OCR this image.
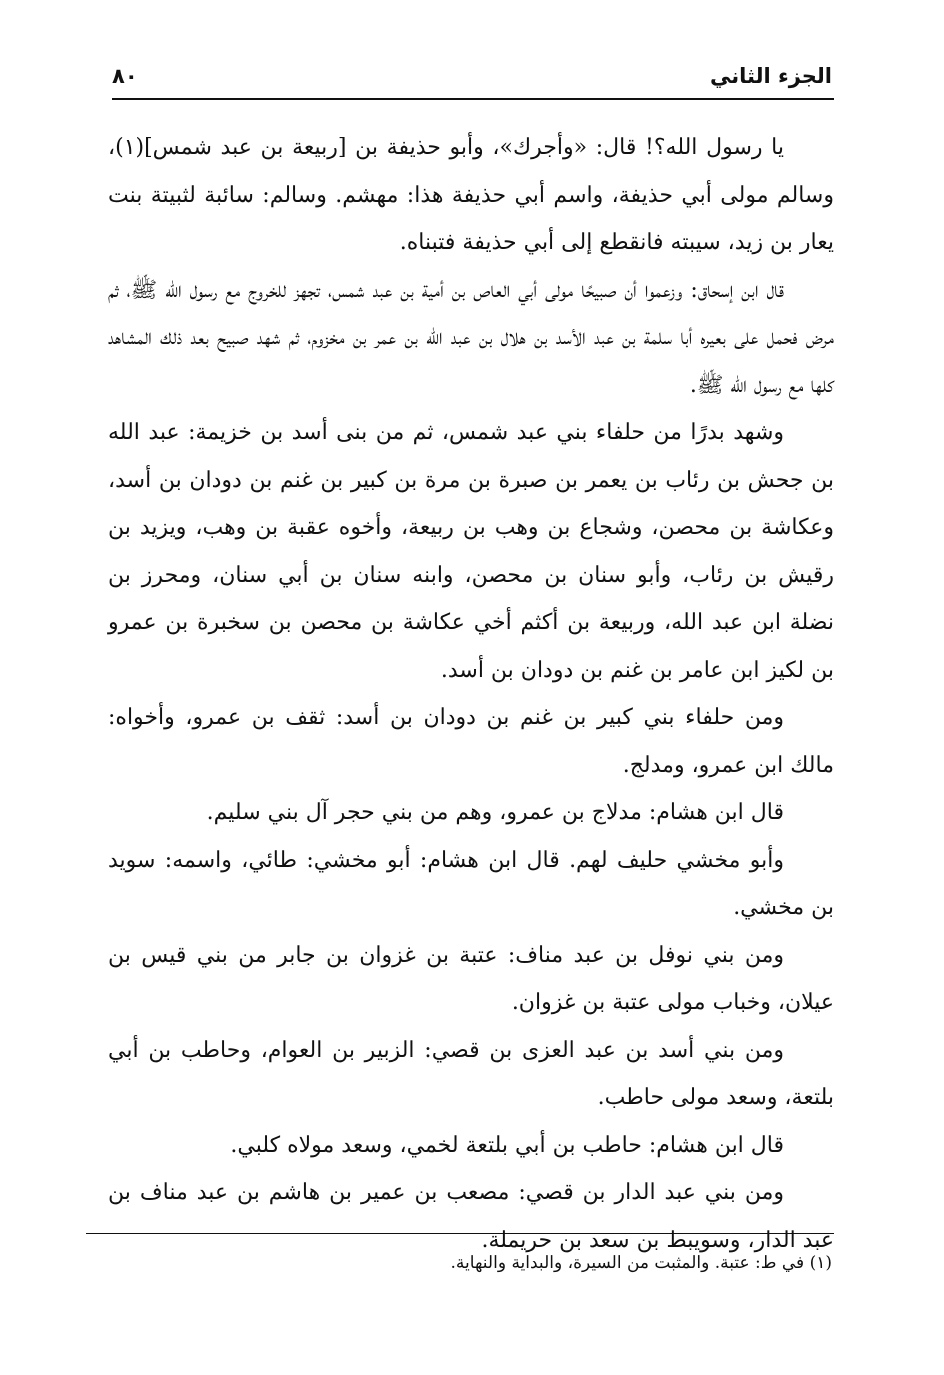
الجزء الثاني
٨٠

يا رسول الله؟! قال: «وأجرك»، وأبو حذيفة بن [ربيعة بن عبد شمس](١)، وسالم مولى أبي حذيفة، واسم أبي حذيفة هذا: مهشم. وسالم: سائبة لثبيتة بنت يعار بن زيد، سيبته فانقطع إلى أبي حذيفة فتبناه.

قال ابن إسحاق: وزعموا أن صبيحًا مولى أبي العاص بن أمية بن عبد شمس، تجهز للخروج مع رسول الله ﷺ، ثم مرض فحمل على بعيره أبا سلمة بن عبد الأسد بن هلال بن عبد الله بن عمر بن مخزوم، ثم شهد صبيح بعد ذلك المشاهد كلها مع رسول الله ﷺ.

وشهد بدرًا من حلفاء بني عبد شمس، ثم من بنى أسد بن خزيمة: عبد الله بن جحش بن رئاب بن يعمر بن صبرة بن مرة بن كبير بن غنم بن دودان بن أسد، وعكاشة بن محصن، وشجاع بن وهب بن ربيعة، وأخوه عقبة بن وهب، ويزيد بن رقيش بن رئاب، وأبو سنان بن محصن، وابنه سنان بن أبي سنان، ومحرز بن نضلة ابن عبد الله، وربيعة بن أكثم أخي عكاشة بن محصن بن سخبرة بن عمرو بن لكيز ابن عامر بن غنم بن دودان بن أسد.

ومن حلفاء بني كبير بن غنم بن دودان بن أسد: ثقف بن عمرو، وأخواه: مالك ابن عمرو، ومدلج.

قال ابن هشام: مدلاج بن عمرو، وهم من بني حجر آل بني سليم.

وأبو مخشي حليف لهم. قال ابن هشام: أبو مخشي: طائي، واسمه: سويد بن مخشي.

ومن بني نوفل بن عبد مناف: عتبة بن غزوان بن جابر من بني قيس بن عيلان، وخباب مولى عتبة بن غزوان.

ومن بني أسد بن عبد العزى بن قصي: الزبير بن العوام، وحاطب بن أبي بلتعة، وسعد مولى حاطب.

قال ابن هشام: حاطب بن أبي بلتعة لخمي، وسعد مولاه كلبي.

ومن بني عبد الدار بن قصي: مصعب بن عمير بن هاشم بن عبد مناف بن عبد الدار، وسويبط بن سعد بن حريملة.

(١) في ط: عتبة. والمثبت من السيرة، والبداية والنهاية.
